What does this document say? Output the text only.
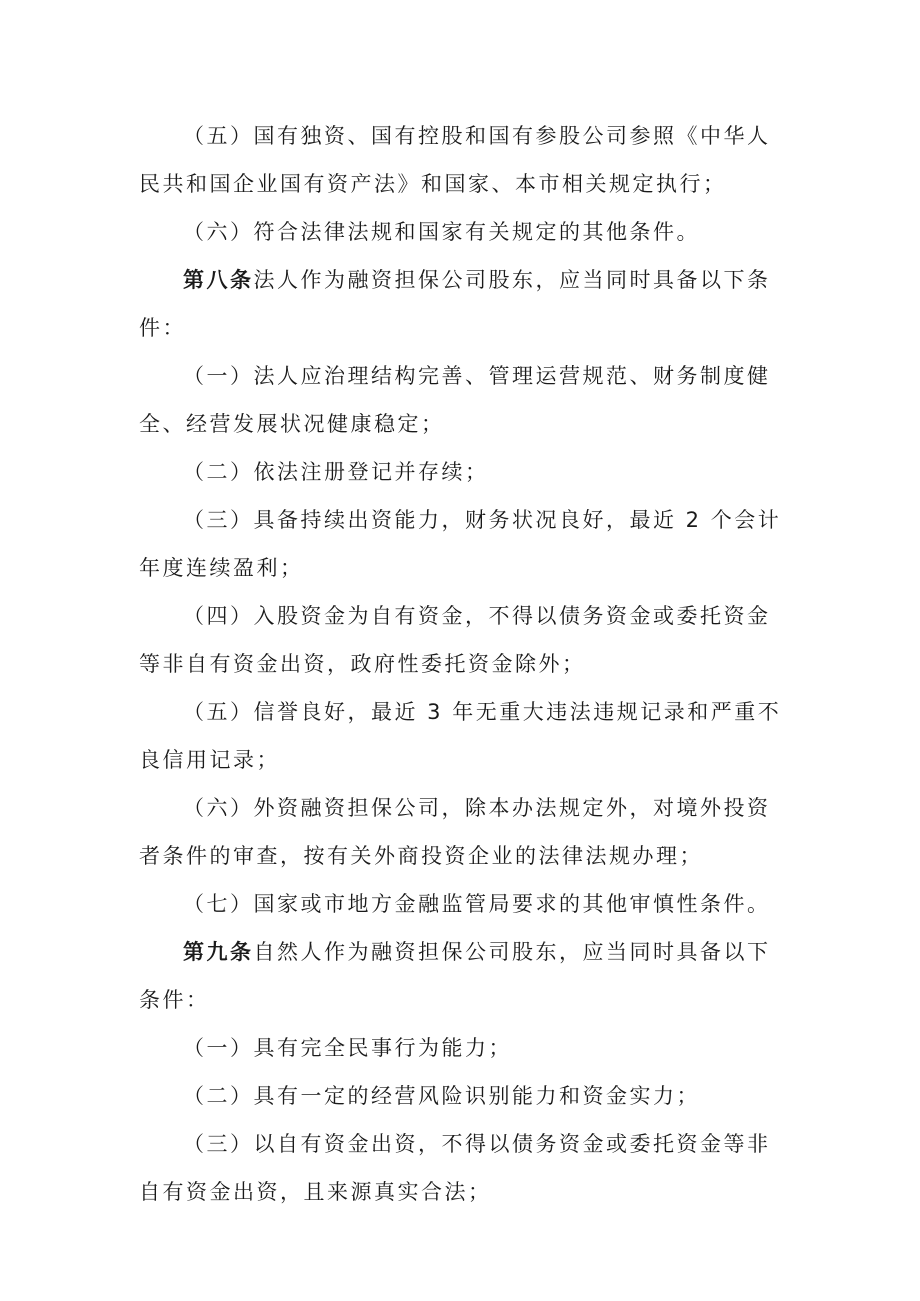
（五）国有独资、国有控股和国有参股公司参照《中华人民共和国企业国有资产法》和国家、本市相关规定执行；

（六）符合法律法规和国家有关规定的其他条件。

第八条法人作为融资担保公司股东，应当同时具备以下条件：

（一）法人应治理结构完善、管理运营规范、财务制度健全、经营发展状况健康稳定；

（二）依法注册登记并存续；

（三）具备持续出资能力，财务状况良好，最近 2 个会计年度连续盈利；

（四）入股资金为自有资金，不得以债务资金或委托资金等非自有资金出资，政府性委托资金除外；

（五）信誉良好，最近 3 年无重大违法违规记录和严重不良信用记录；

（六）外资融资担保公司，除本办法规定外，对境外投资者条件的审查，按有关外商投资企业的法律法规办理；

（七）国家或市地方金融监管局要求的其他审慎性条件。

第九条自然人作为融资担保公司股东，应当同时具备以下条件：

（一）具有完全民事行为能力；

（二）具有一定的经营风险识别能力和资金实力；

（三）以自有资金出资，不得以债务资金或委托资金等非自有资金出资，且来源真实合法；
